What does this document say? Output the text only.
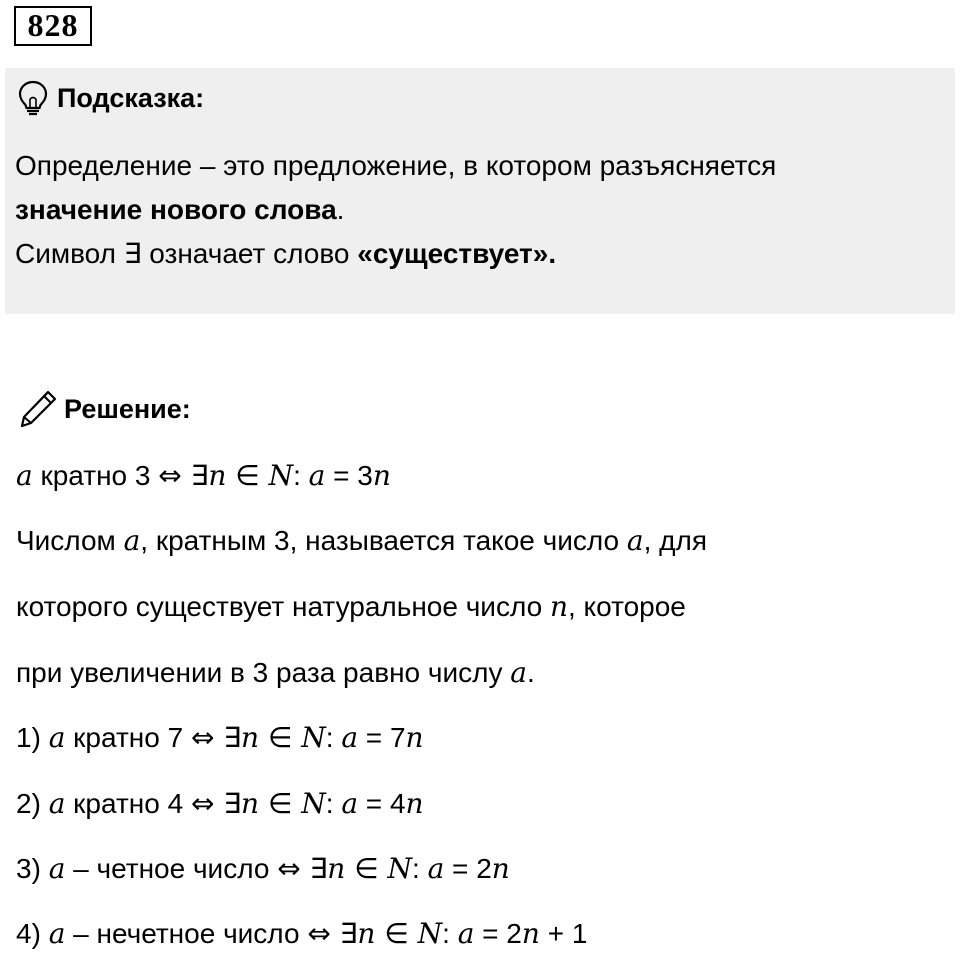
828
Подсказка:

Определение – это предложение, в котором разъясняется

значение нового слова.

Символ ∃ означает слово «существует».

Решение:
a кратно 3 ⇔ ∃n ∈ N: a = 3n
Числом a, кратным 3, называется такое число a, для
которого существует натуральное число n, которое
при увеличении в 3 раза равно числу a.
1) a кратно 7 ⇔ ∃n ∈ N: a = 7n
2) a кратно 4 ⇔ ∃n ∈ N: a = 4n
3) a – четное число ⇔ ∃n ∈ N: a = 2n
4) a – нечетное число ⇔ ∃n ∈ N: a = 2n + 1
